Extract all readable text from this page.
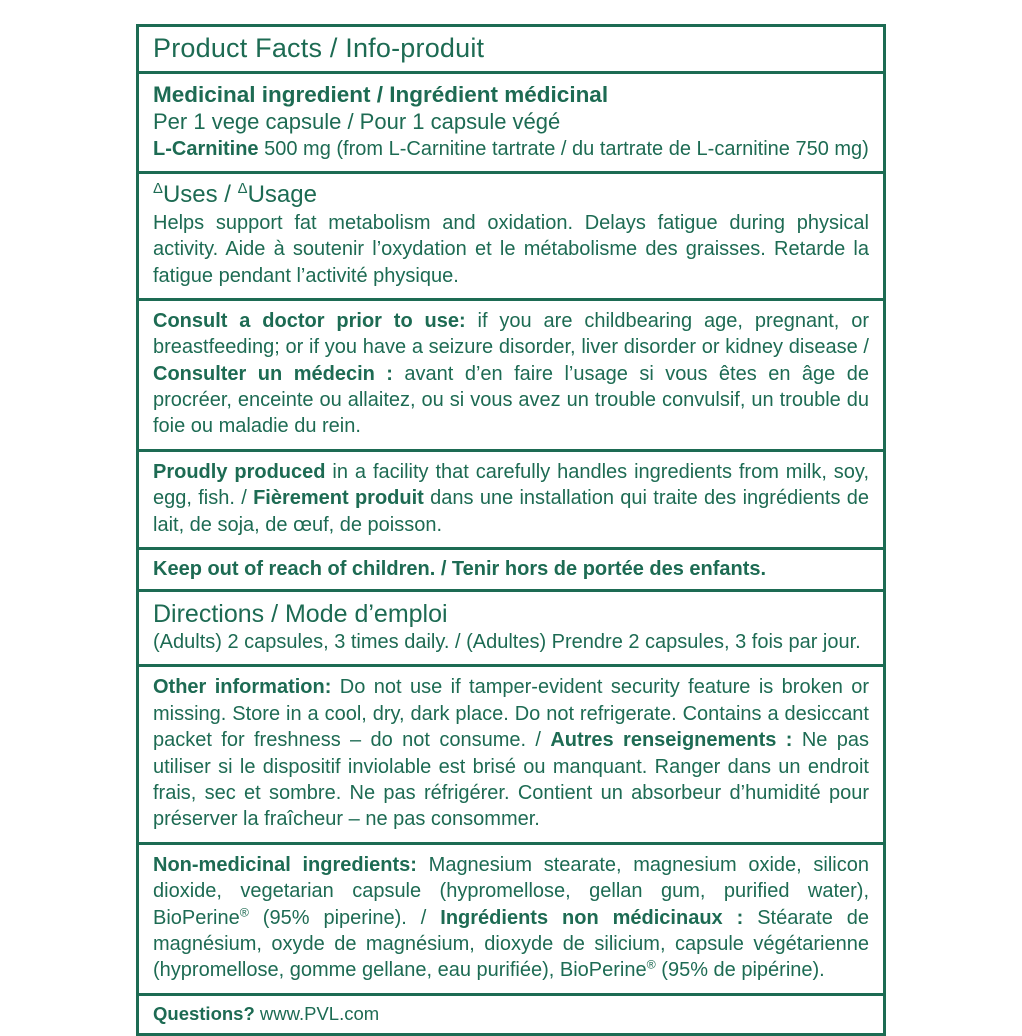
Product Facts / Info-produit
Medicinal ingredient / Ingrédient médicinal
Per 1 vege capsule / Pour 1 capsule végé
L-Carnitine 500 mg (from L-Carnitine tartrate / du tartrate de L-carnitine 750 mg)
$^\Delta$Uses / $^\Delta$Usage
Helps support fat metabolism and oxidation. Delays fatigue during physical activity. Aide à soutenir l’oxydation et le métabolisme des graisses. Retarde la fatigue pendant l’activité physique.
Consult a doctor prior to use: if you are childbearing age, pregnant, or breastfeeding; or if you have a seizure disorder, liver disorder or kidney disease / Consulter un médecin : avant d’en faire l’usage si vous êtes en âge de procréer, enceinte ou allaitez, ou si vous avez un trouble convulsif, un trouble du foie ou maladie du rein.
Proudly produced in a facility that carefully handles ingredients from milk, soy, egg, fish. / Fièrement produit dans une installation qui traite des ingrédients de lait, de soja, de œuf, de poisson.
Keep out of reach of children. / Tenir hors de portée des enfants.
Directions / Mode d’emploi
(Adults) 2 capsules, 3 times daily. / (Adultes) Prendre 2 capsules, 3 fois par jour.
Other information: Do not use if tamper-evident security feature is broken or missing. Store in a cool, dry, dark place. Do not refrigerate. Contains a desiccant packet for freshness – do not consume. / Autres renseignements : Ne pas utiliser si le dispositif inviolable est brisé ou manquant. Ranger dans un endroit frais, sec et sombre. Ne pas réfrigérer. Contient un absorbeur d’humidité pour préserver la fraîcheur – ne pas consommer.
Non-medicinal ingredients: Magnesium stearate, magnesium oxide, silicon dioxide, vegetarian capsule (hypromellose, gellan gum, purified water), BioPerine® (95% piperine). / Ingrédients non médicinaux : Stéarate de magnésium, oxyde de magnésium, dioxyde de silicium, capsule végétarienne (hypromellose, gomme gellane, eau purifiée), BioPerine® (95% de pipérine).
Questions? www.PVL.com
